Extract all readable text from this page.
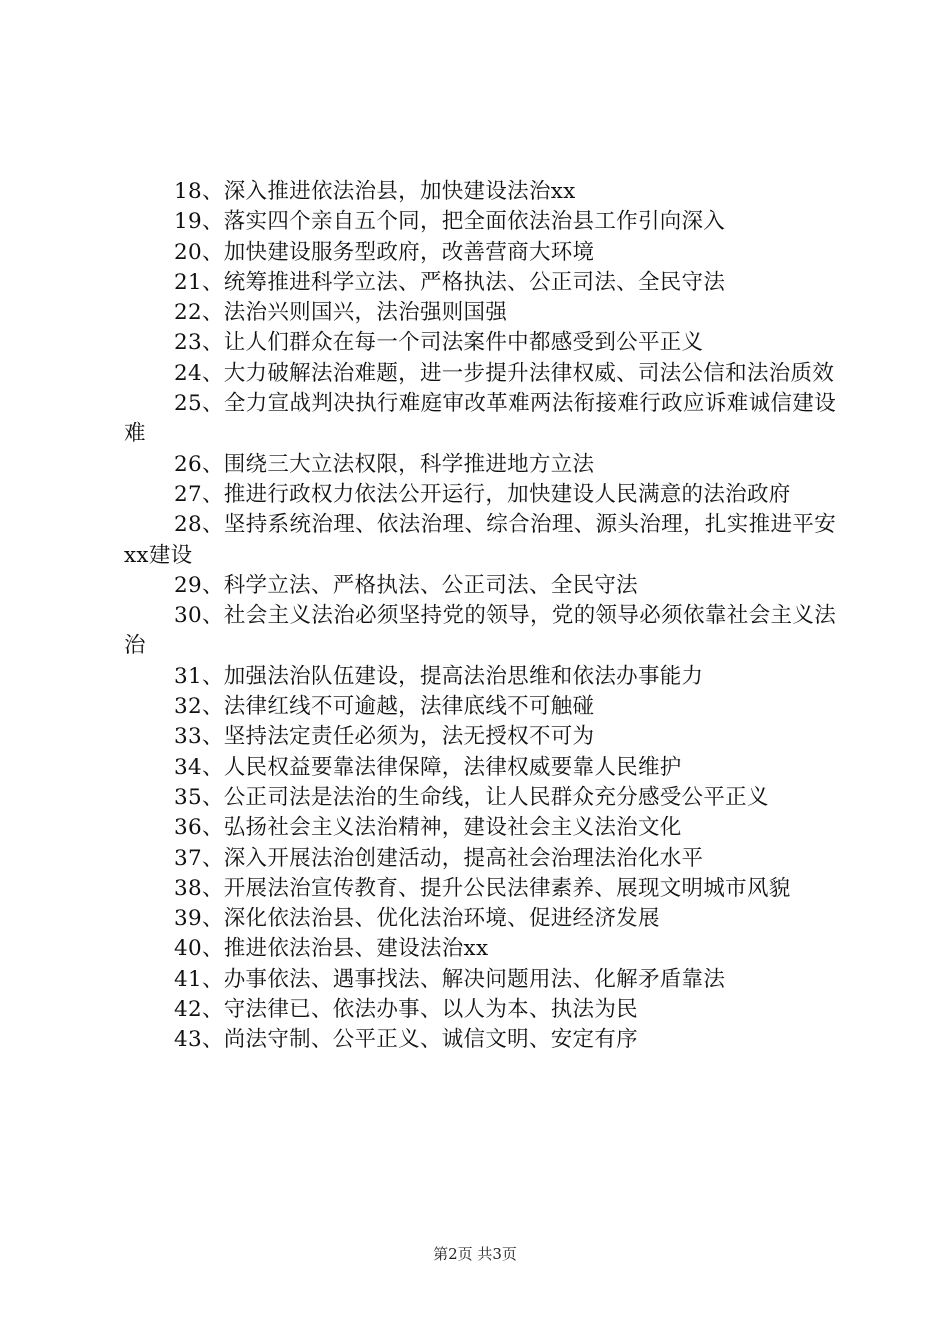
18、深入推进依法治县，加快建设法治xx

19、落实四个亲自五个同，把全面依法治县工作引向深入

20、加快建设服务型政府，改善营商大环境

21、统筹推进科学立法、严格执法、公正司法、全民守法

22、法治兴则国兴，法治强则国强

23、让人们群众在每一个司法案件中都感受到公平正义

24、大力破解法治难题，进一步提升法律权威、司法公信和法治质效

25、全力宣战判决执行难庭审改革难两法衔接难行政应诉难诚信建设难

26、围绕三大立法权限，科学推进地方立法

27、推进行政权力依法公开运行，加快建设人民满意的法治政府

28、坚持系统治理、依法治理、综合治理、源头治理，扎实推进平安xx建设

29、科学立法、严格执法、公正司法、全民守法

30、社会主义法治必须坚持党的领导，党的领导必须依靠社会主义法治

31、加强法治队伍建设，提高法治思维和依法办事能力

32、法律红线不可逾越，法律底线不可触碰

33、坚持法定责任必须为，法无授权不可为

34、人民权益要靠法律保障，法律权威要靠人民维护

35、公正司法是法治的生命线，让人民群众充分感受公平正义

36、弘扬社会主义法治精神，建设社会主义法治文化

37、深入开展法治创建活动，提高社会治理法治化水平

38、开展法治宣传教育、提升公民法律素养、展现文明城市风貌

39、深化依法治县、优化法治环境、促进经济发展

40、推进依法治县、建设法治xx

41、办事依法、遇事找法、解决问题用法、化解矛盾靠法

42、守法律已、依法办事、以人为本、执法为民

43、尚法守制、公平正义、诚信文明、安定有序

第2页 共3页
